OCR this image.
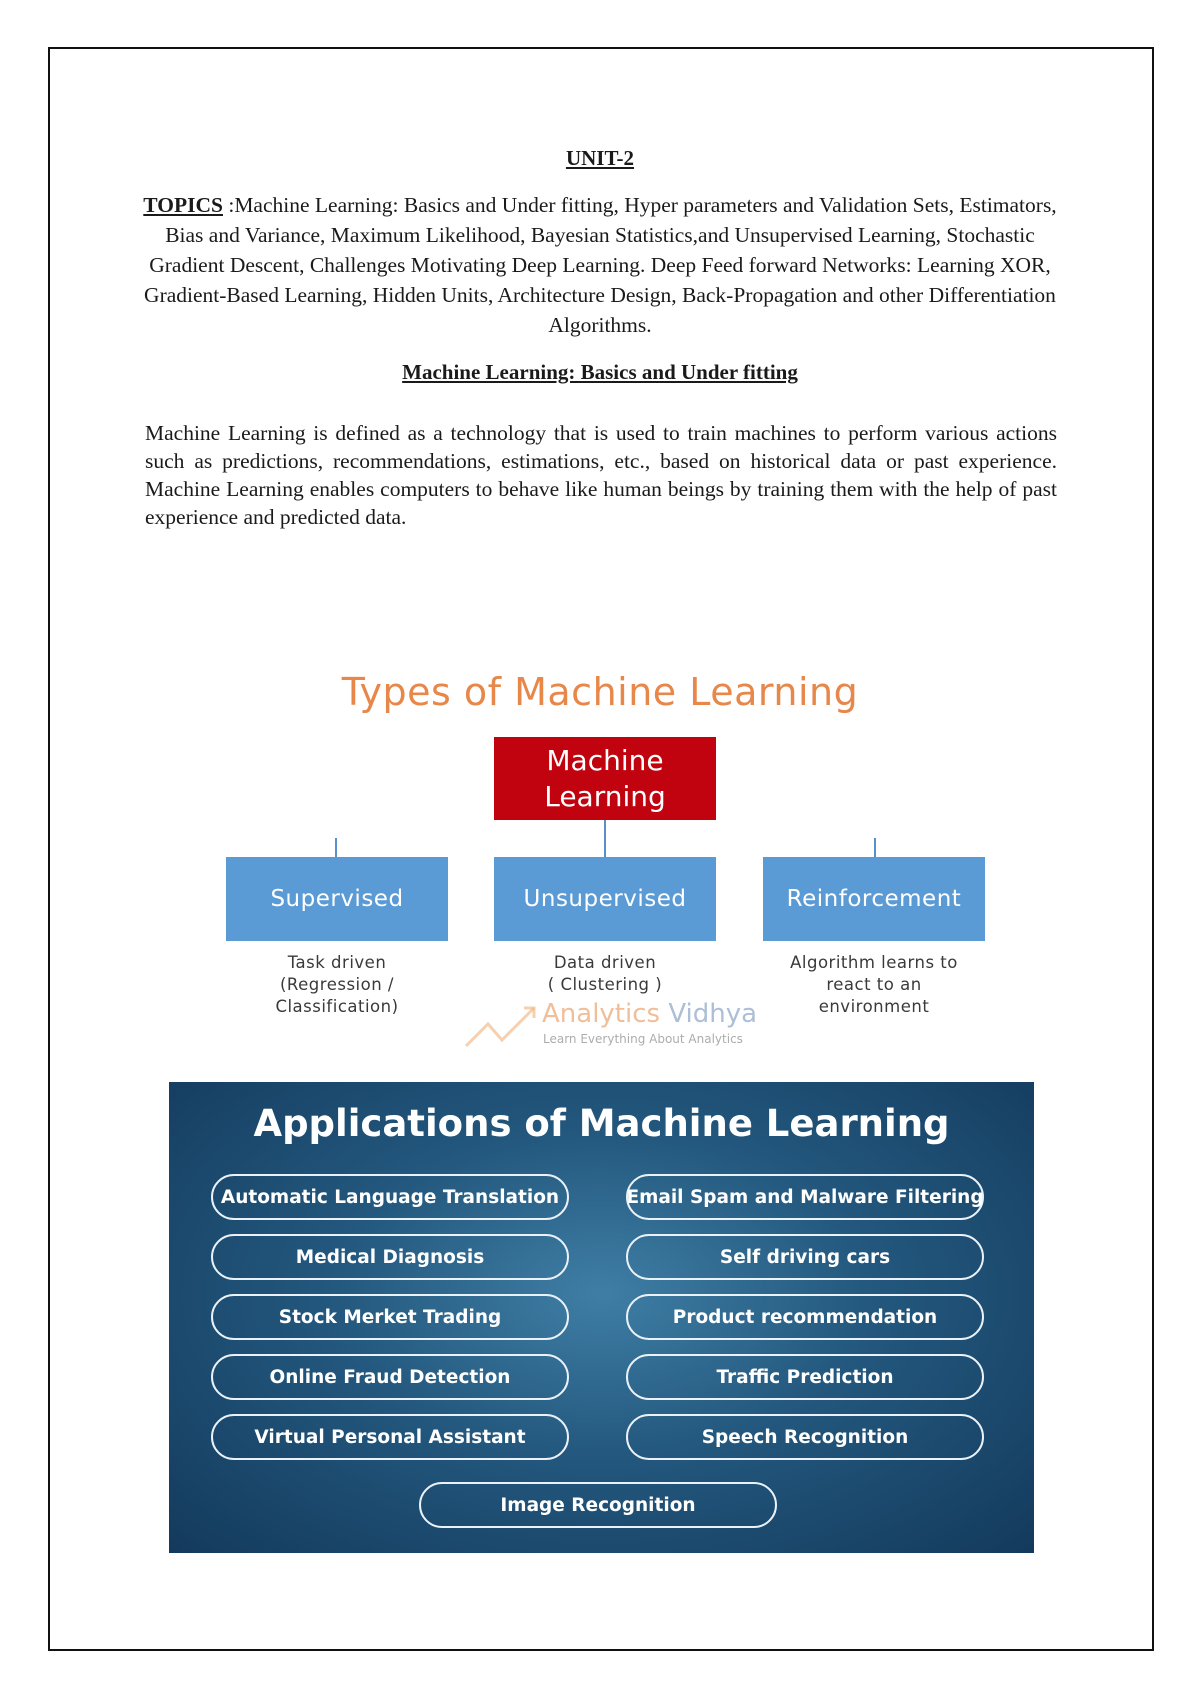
UNIT-2
TOPICS :Machine Learning: Basics and Under fitting, Hyper parameters and Validation Sets, Estimators, Bias and Variance, Maximum Likelihood, Bayesian Statistics,and Unsupervised Learning, Stochastic Gradient Descent, Challenges Motivating Deep Learning. Deep Feed forward Networks: Learning XOR, Gradient-Based Learning, Hidden Units, Architecture Design, Back-Propagation and other Differentiation Algorithms.
Machine Learning: Basics and Under fitting
Machine Learning is defined as a technology that is used to train machines to perform various actions such as predictions, recommendations, estimations, etc., based on historical data or past experience. Machine Learning enables computers to behave like human beings by training them with the help of past experience and predicted data.
Types of Machine Learning
Machine Learning
Supervised	Unsupervised	Reinforcement
Task driven
(Regression /
Classification)
Data driven
( Clustering )
Algorithm learns to
react to an
environment
Analytics Vidhya
Learn Everything About Analytics
Applications of Machine Learning
Automatic Language Translation
Medical Diagnosis
Stock Merket Trading
Online Fraud Detection
Virtual Personal Assistant
Email Spam and Malware Filtering
Self driving cars
Product recommendation
Traffic Prediction
Speech Recognition
Image Recognition
